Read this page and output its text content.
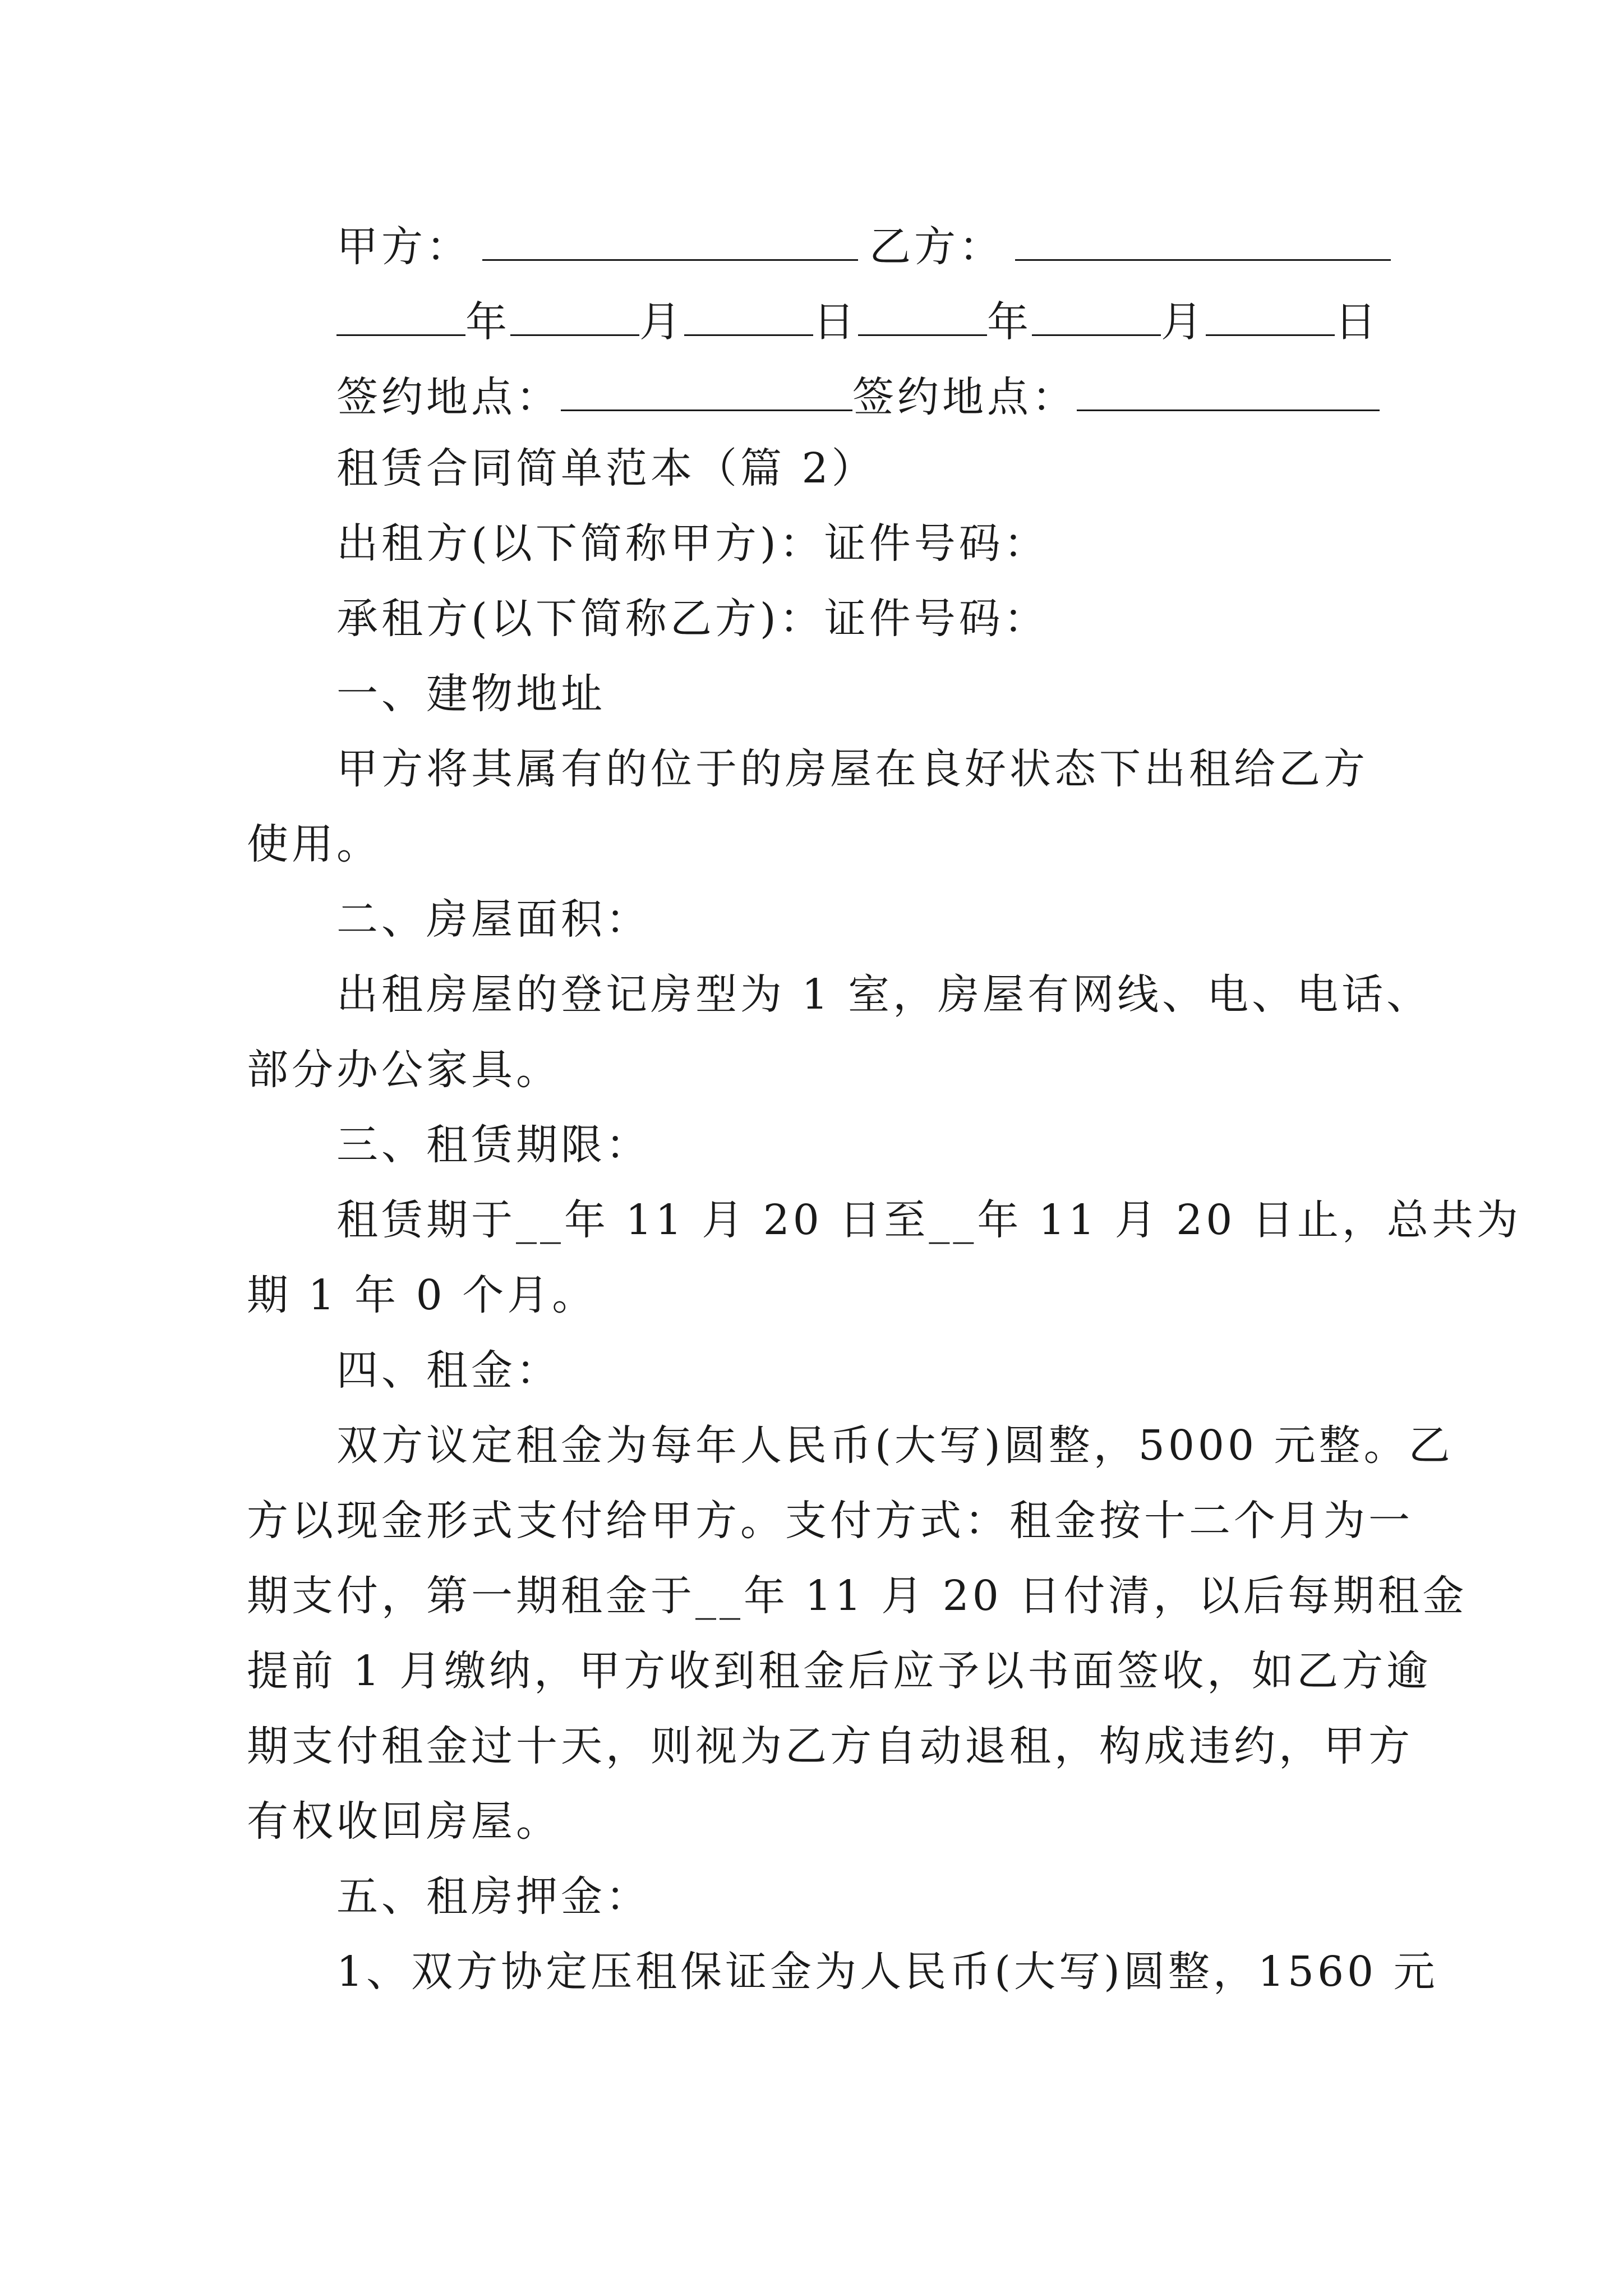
甲方：	乙方：
年	月	日	年	月	日
签约地点：	签约地点：
租赁合同简单范本（篇 2）
出租方(以下简称甲方)：证件号码：
承租方(以下简称乙方)：证件号码：
一、建物地址
甲方将其属有的位于的房屋在良好状态下出租给乙方
使用。
二、房屋面积：
出租房屋的登记房型为 1 室，房屋有网线、电、电话、
部分办公家具。
三、租赁期限：
租赁期于__年 11 月 20 日至__年 11 月 20 日止，总共为
期 1 年 0 个月。
四、租金：
双方议定租金为每年人民币(大写)圆整，5000 元整。乙
方以现金形式支付给甲方。支付方式：租金按十二个月为一
期支付，第一期租金于__年 11 月 20 日付清，以后每期租金
提前 1 月缴纳，甲方收到租金后应予以书面签收，如乙方逾
期支付租金过十天，则视为乙方自动退租，构成违约，甲方
有权收回房屋。
五、租房押金：
1、双方协定压租保证金为人民币(大写)圆整，1560 元
